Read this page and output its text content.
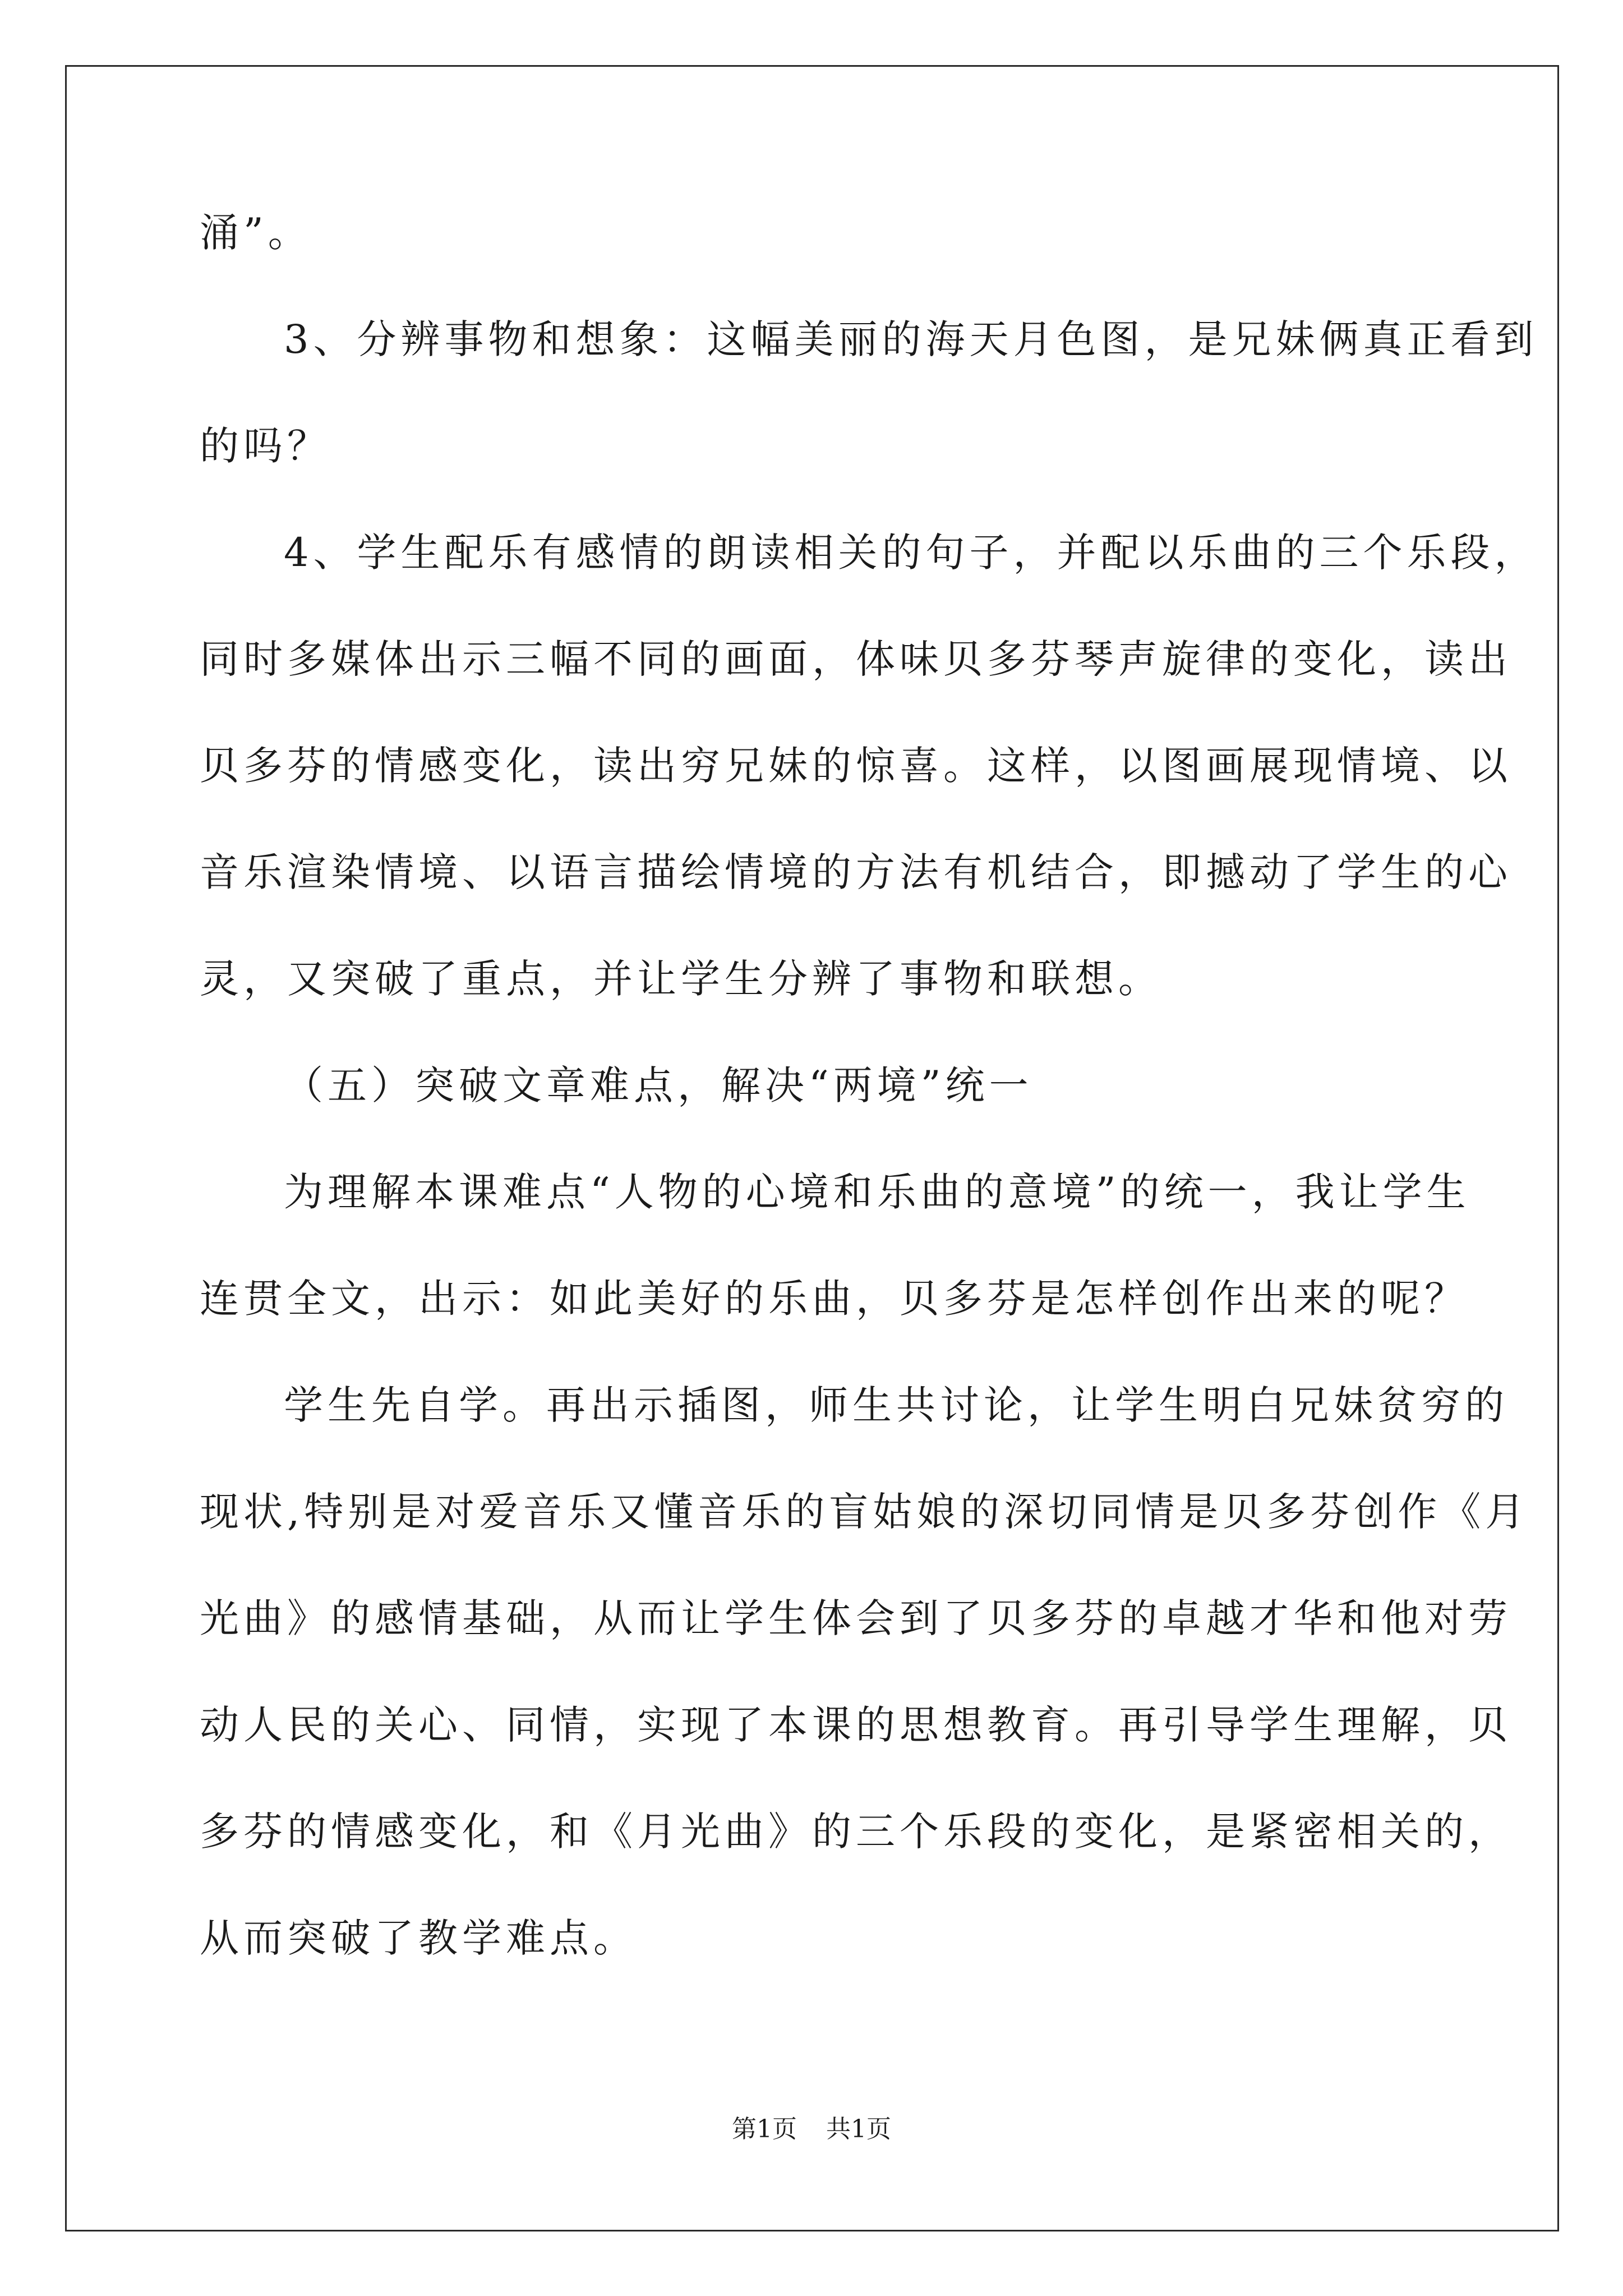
涌”。
3、分辨事物和想象：这幅美丽的海天月色图，是兄妹俩真正看到
的吗？
4、学生配乐有感情的朗读相关的句子，并配以乐曲的三个乐段，
同时多媒体出示三幅不同的画面，体味贝多芬琴声旋律的变化，读出
贝多芬的情感变化，读出穷兄妹的惊喜。这样，以图画展现情境、以
音乐渲染情境、以语言描绘情境的方法有机结合，即撼动了学生的心
灵，又突破了重点，并让学生分辨了事物和联想。
（五）突破文章难点，解决“两境”统一
为理解本课难点“人物的心境和乐曲的意境”的统一，我让学生
连贯全文，出示：如此美好的乐曲，贝多芬是怎样创作出来的呢？
学生先自学。再出示插图，师生共讨论，让学生明白兄妹贫穷的
现状,特别是对爱音乐又懂音乐的盲姑娘的深切同情是贝多芬创作《月
光曲》的感情基础，从而让学生体会到了贝多芬的卓越才华和他对劳
动人民的关心、同情，实现了本课的思想教育。再引导学生理解，贝
多芬的情感变化，和《月光曲》的三个乐段的变化，是紧密相关的，
从而突破了教学难点。
第1页 共1页
